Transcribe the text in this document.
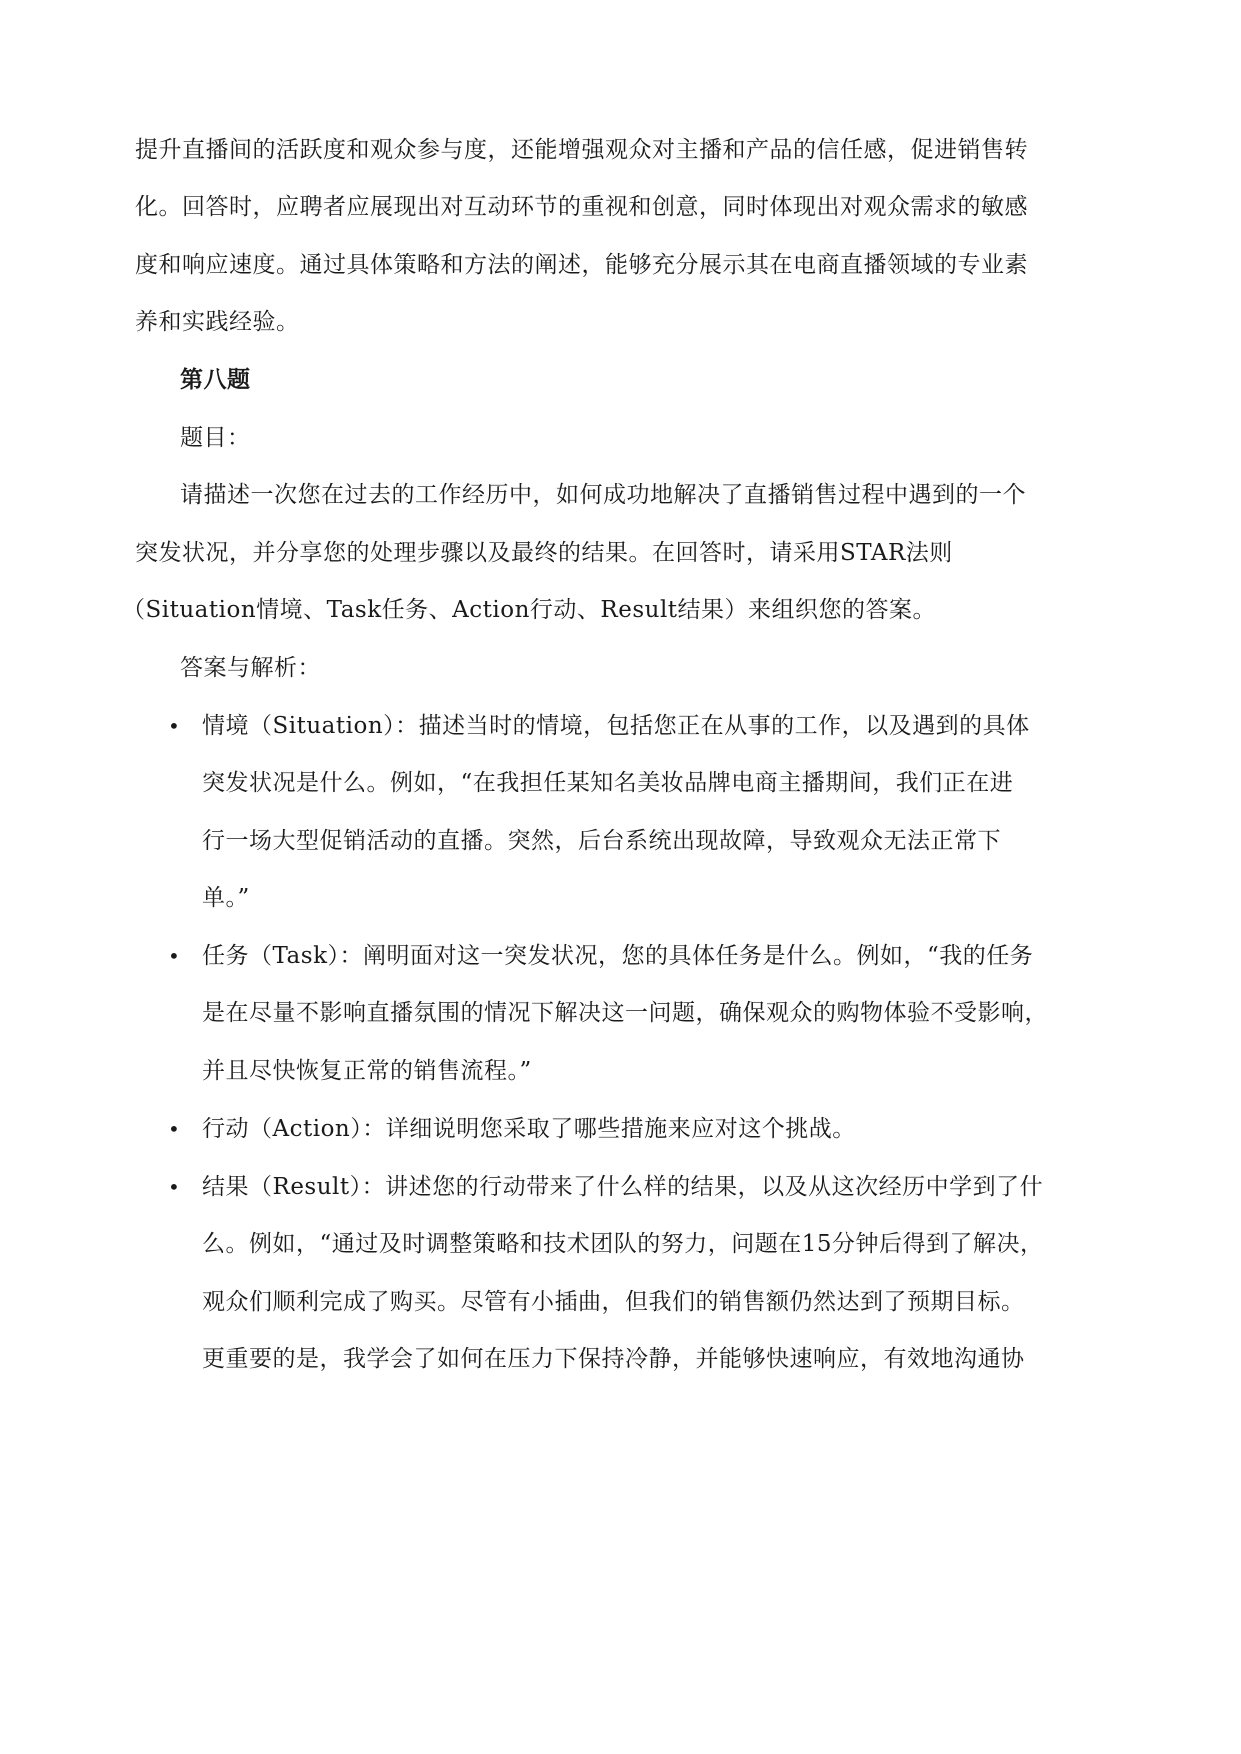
提升直播间的活跃度和观众参与度，还能增强观众对主播和产品的信任感，促进销售转
化。回答时，应聘者应展现出对互动环节的重视和创意，同时体现出对观众需求的敏感
度和响应速度。通过具体策略和方法的阐述，能够充分展示其在电商直播领域的专业素
养和实践经验。
第八题
题目：
请描述一次您在过去的工作经历中，如何成功地解决了直播销售过程中遇到的一个
突发状况，并分享您的处理步骤以及最终的结果。在回答时，请采用STAR法则
（Situation情境、Task任务、Action行动、Result结果）来组织您的答案。
答案与解析：
• 情境（Situation）：描述当时的情境，包括您正在从事的工作，以及遇到的具体
突发状况是什么。例如，“在我担任某知名美妆品牌电商主播期间，我们正在进
行一场大型促销活动的直播。突然，后台系统出现故障，导致观众无法正常下
单。”
• 任务（Task）：阐明面对这一突发状况，您的具体任务是什么。例如，“我的任务
是在尽量不影响直播氛围的情况下解决这一问题，确保观众的购物体验不受影响，
并且尽快恢复正常的销售流程。”
• 行动（Action）：详细说明您采取了哪些措施来应对这个挑战。
• 结果（Result）：讲述您的行动带来了什么样的结果，以及从这次经历中学到了什
么。例如，“通过及时调整策略和技术团队的努力，问题在15分钟后得到了解决，
观众们顺利完成了购买。尽管有小插曲，但我们的销售额仍然达到了预期目标。
更重要的是，我学会了如何在压力下保持冷静，并能够快速响应，有效地沟通协
